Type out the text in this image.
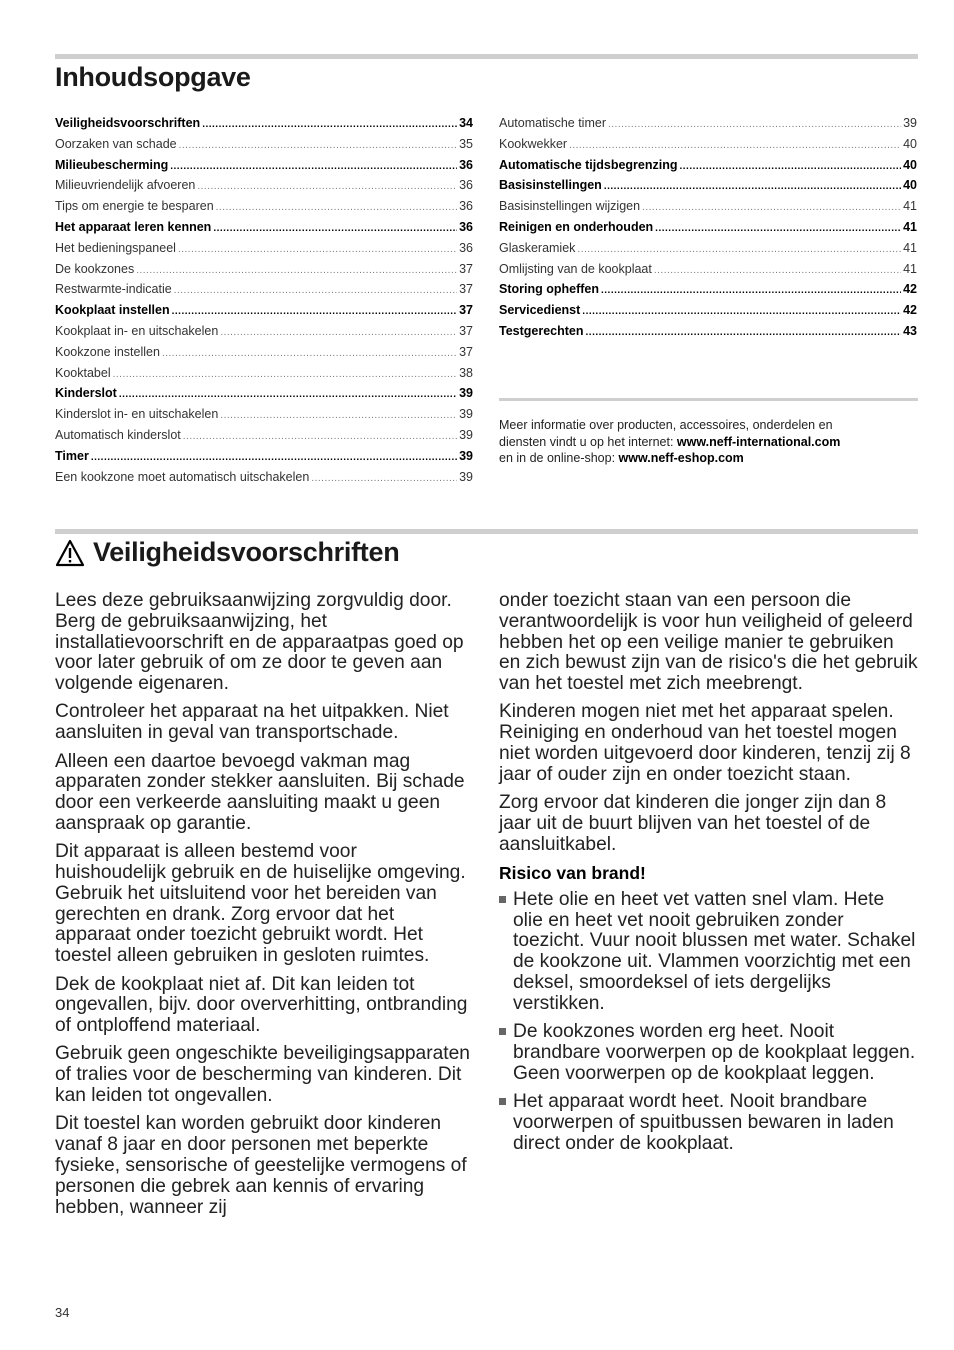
Inhoudsopgave
Veiligheidsvoorschriften .....	34
Oorzaken van schade .....	35
Milieubescherming .....	36
Milieuvriendelijk afvoeren .....	36
Tips om energie te besparen .....	36
Het apparaat leren kennen .....	36
Het bedieningspaneel .....	36
De kookzones .....	37
Restwarmte-indicatie .....	37
Kookplaat instellen .....	37
Kookplaat in- en uitschakelen .....	37
Kookzone instellen .....	37
Kooktabel .....	38
Kinderslot .....	39
Kinderslot in- en uitschakelen .....	39
Automatisch kinderslot .....	39
Timer .....	39
Een kookzone moet automatisch uitschakelen .....	39
Automatische timer .....	39
Kookwekker .....	40
Automatische tijdsbegrenzing .....	40
Basisinstellingen .....	40
Basisinstellingen wijzigen .....	41
Reinigen en onderhouden .....	41
Glaskeramiek .....	41
Omlijsting van de kookplaat .....	41
Storing opheffen .....	42
Servicedienst .....	42
Testgerechten .....	43
Meer informatie over producten, accessoires, onderdelen en
diensten vindt u op het internet: www.neff-international.com
en in de online-shop: www.neff-eshop.com
Veiligheidsvoorschriften

Lees deze gebruiksaanwijzing zorgvuldig door. Berg de gebruiksaanwijzing, het installatievoorschrift en de apparaatpas goed op voor later gebruik of om ze door te geven aan volgende eigenaren.

Controleer het apparaat na het uitpakken. Niet aansluiten in geval van transportschade.

Alleen een daartoe bevoegd vakman mag apparaten zonder stekker aansluiten. Bij schade door een verkeerde aansluiting maakt u geen aanspraak op garantie.

Dit apparaat is alleen bestemd voor huishoudelijk gebruik en de huiselijke omgeving. Gebruik het uitsluitend voor het bereiden van gerechten en drank. Zorg ervoor dat het apparaat onder toezicht gebruikt wordt. Het toestel alleen gebruiken in gesloten ruimtes.

Dek de kookplaat niet af. Dit kan leiden tot ongevallen, bijv. door oververhitting, ontbranding of ontploffend materiaal.

Gebruik geen ongeschikte beveiligingsapparaten of tralies voor de bescherming van kinderen. Dit kan leiden tot ongevallen.

Dit toestel kan worden gebruikt door kinderen vanaf 8 jaar en door personen met beperkte fysieke, sensorische of geestelijke vermogens of personen die gebrek aan kennis of ervaring hebben, wanneer zij

onder toezicht staan van een persoon die verantwoordelijk is voor hun veiligheid of geleerd hebben het op een veilige manier te gebruiken en zich bewust zijn van de risico's die het gebruik van het toestel met zich meebrengt.

Kinderen mogen niet met het apparaat spelen. Reiniging en onderhoud van het toestel mogen niet worden uitgevoerd door kinderen, tenzij zij 8 jaar of ouder zijn en onder toezicht staan.

Zorg ervoor dat kinderen die jonger zijn dan 8 jaar uit de buurt blijven van het toestel of de aansluitkabel.

Risico van brand!
Hete olie en heet vet vatten snel vlam. Hete olie en heet vet nooit gebruiken zonder toezicht. Vuur nooit blussen met water. Schakel de kookzone uit. Vlammen voorzichtig met een deksel, smoordeksel of iets dergelijks verstikken.
De kookzones worden erg heet. Nooit brandbare voorwerpen op de kookplaat leggen. Geen voorwerpen op de kookplaat leggen.
Het apparaat wordt heet. Nooit brandbare voorwerpen of spuitbussen bewaren in laden direct onder de kookplaat.
34
